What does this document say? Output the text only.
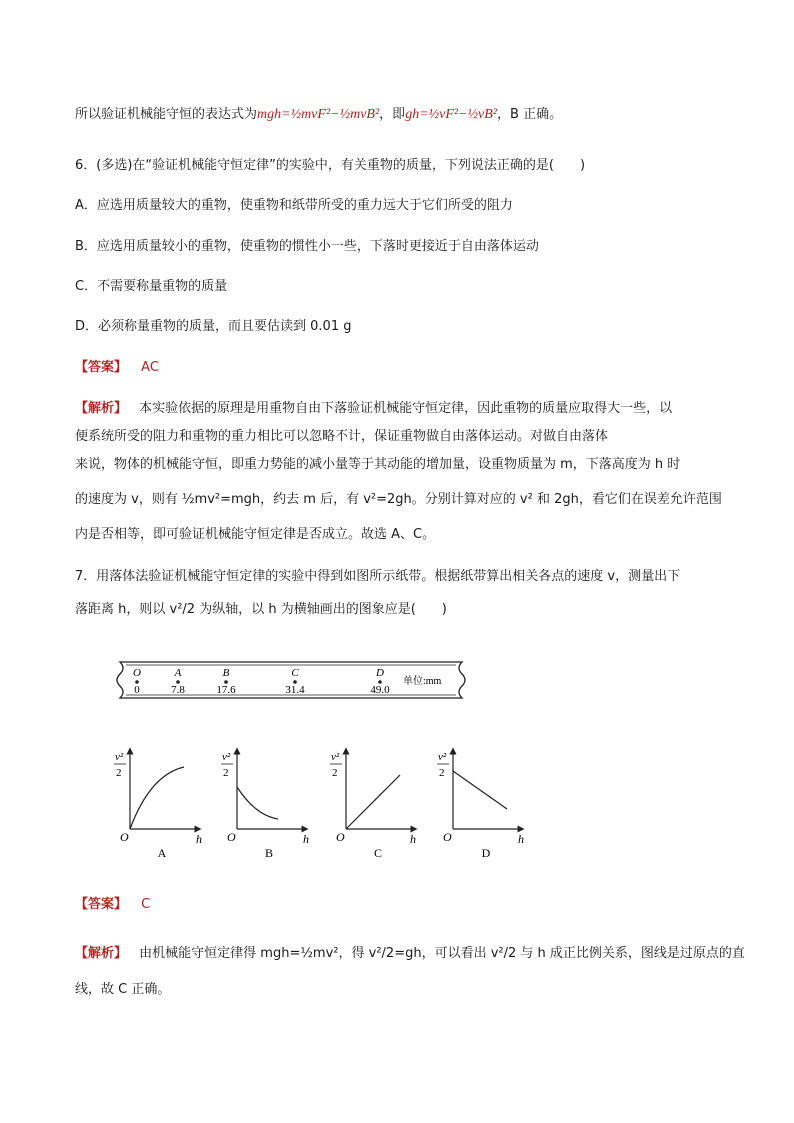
所以验证机械能守恒的表达式为mgh=½mvF²−½mvB²，即gh=½vF²−½vB²，B 正确。
6．(多选)在“验证机械能守恒定律”的实验中，有关重物的质量，下列说法正确的是(　　)
A．应选用质量较大的重物，使重物和纸带所受的重力远大于它们所受的阻力
B．应选用质量较小的重物，使重物的惯性小一些，下落时更接近于自由落体运动
C．不需要称量重物的质量
D．必须称量重物的质量，而且要估读到 0.01 g
【答案】 AC
【解析】 本实验依据的原理是用重物自由下落验证机械能守恒定律，因此重物的质量应取得大一些，以
便系统所受的阻力和重物的重力相比可以忽略不计，保证重物做自由落体运动。对做自由落体
来说，物体的机械能守恒，即重力势能的减小量等于其动能的增加量，设重物质量为 m，下落高度为 h 时
的速度为 v，则有 ½mv²=mgh，约去 m 后，有 v²=2gh。分别计算对应的 v² 和 2gh，看它们在误差允许范围
内是否相等，即可验证机械能守恒定律是否成立。故选 A、C。
7．用落体法验证机械能守恒定律的实验中得到如图所示纸带。根据纸带算出相关各点的速度 v，测量出下
落距离 h，则以 v²/2 为纵轴，以 h 为横轴画出的图象应是(　　)
O
0
A
7.8
B
17.6
C
31.4
D
49.0
单位:mm
v²
2
O	h
A
v²
2
O	h
B
v²
2
O	h
C
v²
2
O	h
D
【答案】 C
【解析】 由机械能守恒定律得 mgh=½mv²，得 v²/2=gh，可以看出 v²/2 与 h 成正比例关系，图线是过原点的直
线，故 C 正确。
